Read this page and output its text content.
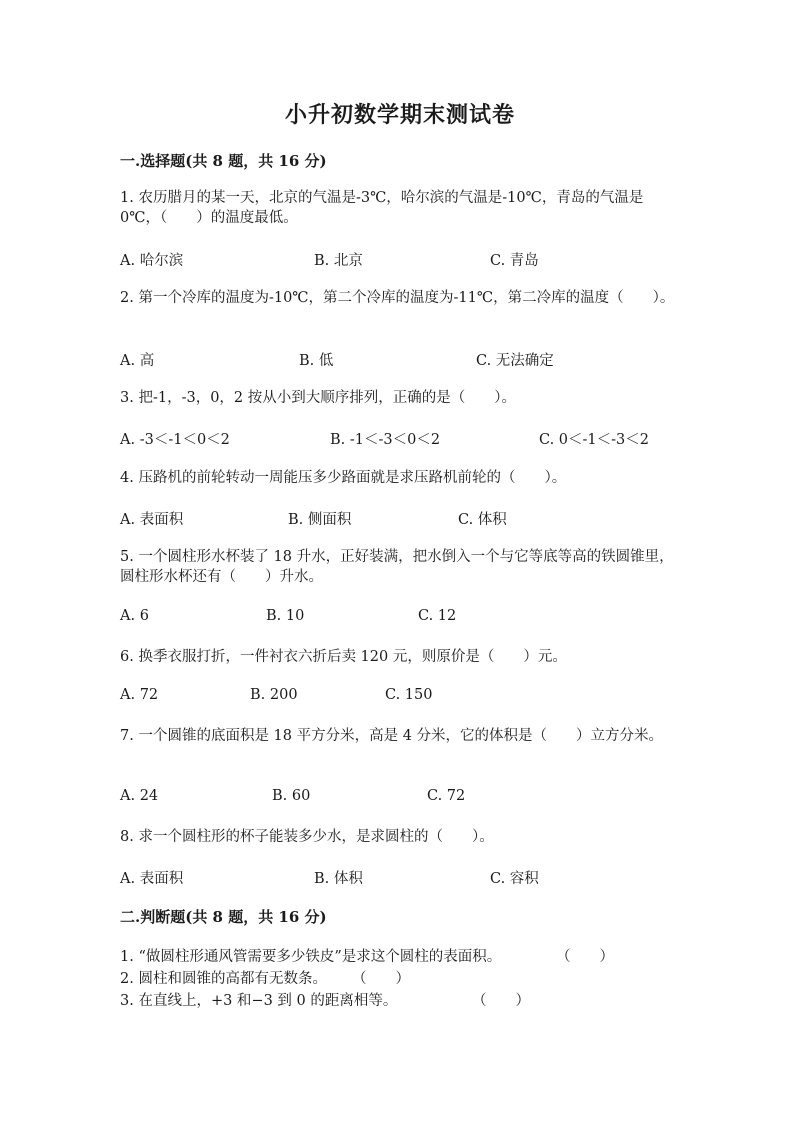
小升初数学期末测试卷
一.选择题(共 8 题，共 16 分)
1. 农历腊月的某一天，北京的气温是-3℃，哈尔滨的气温是-10℃，青岛的气温是 0℃，（　　）的温度最低。
A. 哈尔滨	B. 北京	C. 青岛
2. 第一个冷库的温度为-10℃，第二个冷库的温度为-11℃，第二冷库的温度（　　）。
A. 高	B. 低	C. 无法确定
3. 把-1，-3，0，2 按从小到大顺序排列，正确的是（　　）。
A. -3＜-1＜0＜2	B. -1＜-3＜0＜2	C. 0＜-1＜-3＜2
4. 压路机的前轮转动一周能压多少路面就是求压路机前轮的（　　）。
A. 表面积	B. 侧面积	C. 体积
5. 一个圆柱形水杯装了 18 升水，正好装满，把水倒入一个与它等底等高的铁圆锥里，圆柱形水杯还有（　　）升水。
A. 6	B. 10	C. 12
6. 换季衣服打折，一件衬衣六折后卖 120 元，则原价是（　　）元。
A. 72	B. 200	C. 150
7. 一个圆锥的底面积是 18 平方分米，高是 4 分米，它的体积是（　　）立方分米。
A. 24	B. 60	C. 72
8. 求一个圆柱形的杯子能装多少水，是求圆柱的（　　）。
A. 表面积	B. 体积	C. 容积
二.判断题(共 8 题，共 16 分)
1. “做圆柱形通风管需要多少铁皮”是求这个圆柱的表面积。	（　　）
2. 圆柱和圆锥的高都有无数条。 （　　）
3. 在直线上，+3 和−3 到 0 的距离相等。	（　　）
